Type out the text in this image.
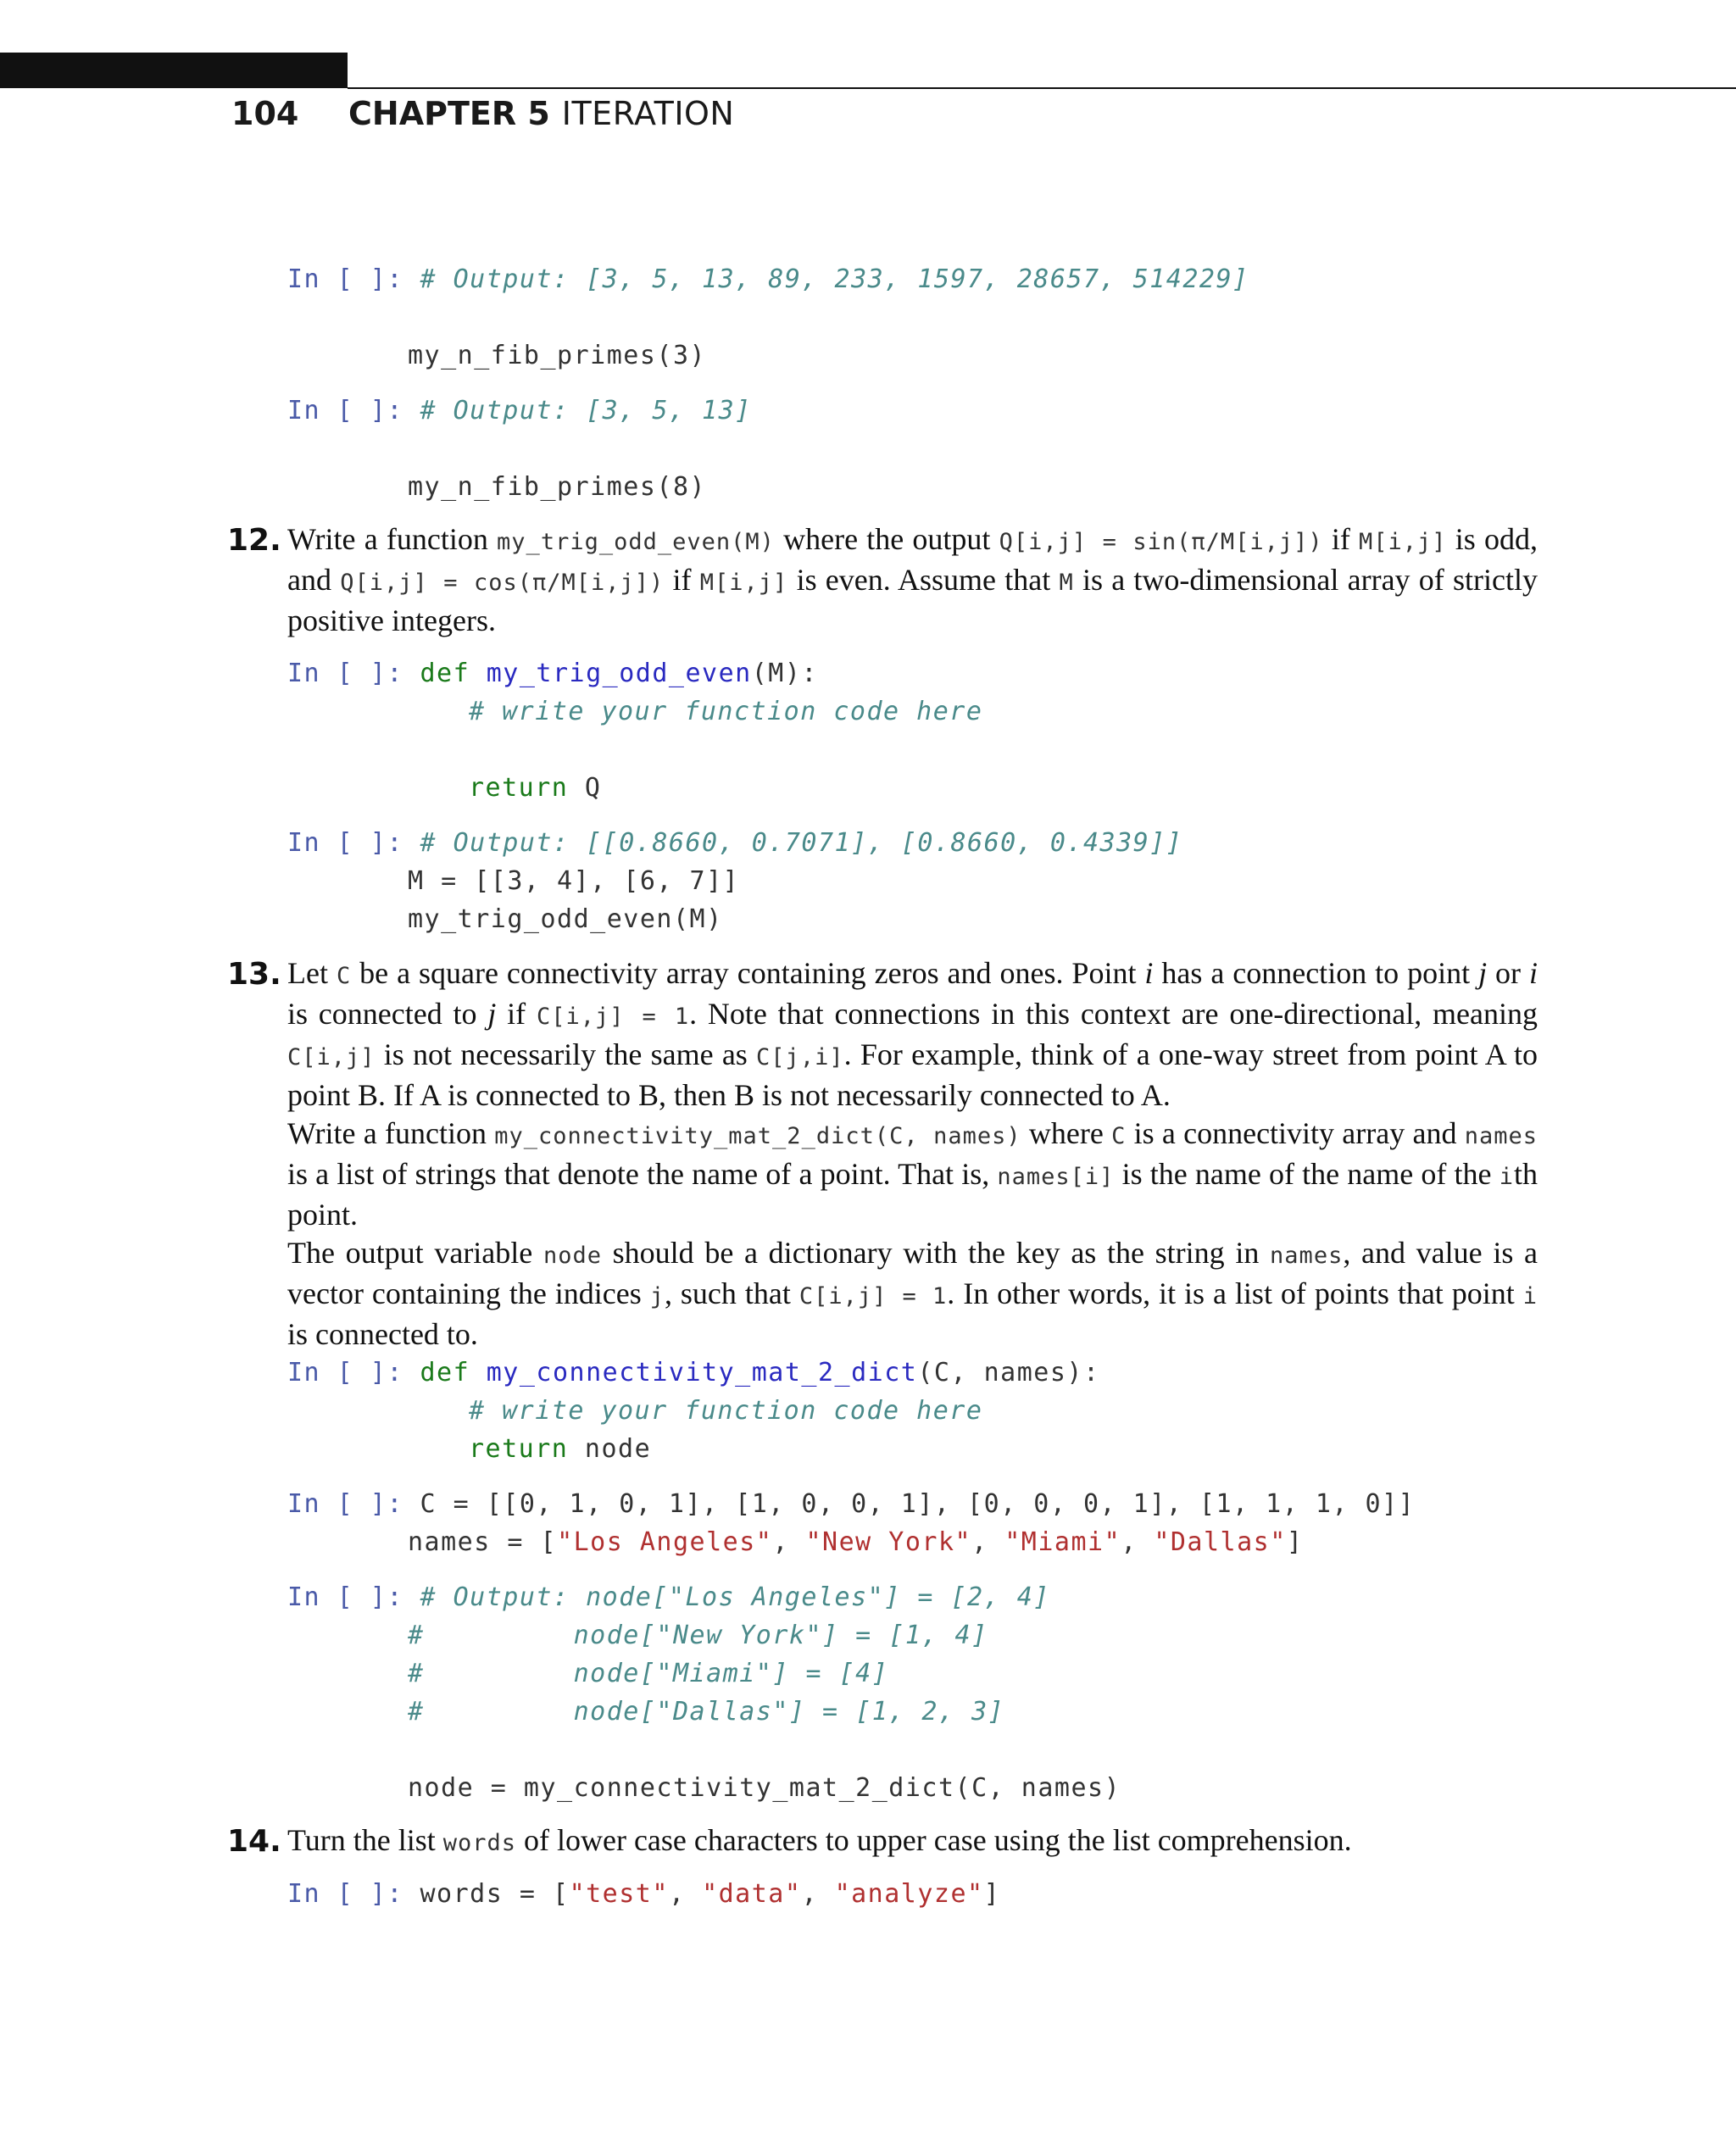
104 CHAPTER 5 ITERATION
In [ ]: # Output: [3, 5, 13, 89, 233, 1597, 28657, 514229]
my_n_fib_primes(3)
In [ ]: # Output: [3, 5, 13]
my_n_fib_primes(8)
12. Write a function my_trig_odd_even(M) where the output Q[i,j] = sin(π/M[i,j]) if M[i,j] is odd, and Q[i,j] = cos(π/M[i,j]) if M[i,j] is even. Assume that M is a two-dimensional array of strictly positive integers.
In [ ]: def my_trig_odd_even(M):
# write your function code here
return Q
In [ ]: # Output: [[0.8660, 0.7071], [0.8660, 0.4339]]
M = [[3, 4], [6, 7]]
my_trig_odd_even(M)
13. Let C be a square connectivity array containing zeros and ones. Point i has a connection to point j or i is connected to j if C[i,j] = 1. Note that connections in this context are one-directional, meaning C[i,j] is not necessarily the same as C[j,i]. For example, think of a one-way street from point A to point B. If A is connected to B, then B is not necessarily connected to A.
Write a function my_connectivity_mat_2_dict(C, names) where C is a connectivity array and names is a list of strings that denote the name of a point. That is, names[i] is the name of the name of the ith point.
The output variable node should be a dictionary with the key as the string in names, and value is a vector containing the indices j, such that C[i,j] = 1. In other words, it is a list of points that point i is connected to.
In [ ]: def my_connectivity_mat_2_dict(C, names):
# write your function code here
return node
In [ ]: C = [[0, 1, 0, 1], [1, 0, 0, 1], [0, 0, 0, 1], [1, 1, 1, 0]]
names = ["Los Angeles", "New York", "Miami", "Dallas"]
In [ ]: # Output: node["Los Angeles"] = [2, 4]
#         node["New York"] = [1, 4]
#         node["Miami"] = [4]
#         node["Dallas"] = [1, 2, 3]
node = my_connectivity_mat_2_dict(C, names)
14. Turn the list words of lower case characters to upper case using the list comprehension.
In [ ]: words = ["test", "data", "analyze"]
